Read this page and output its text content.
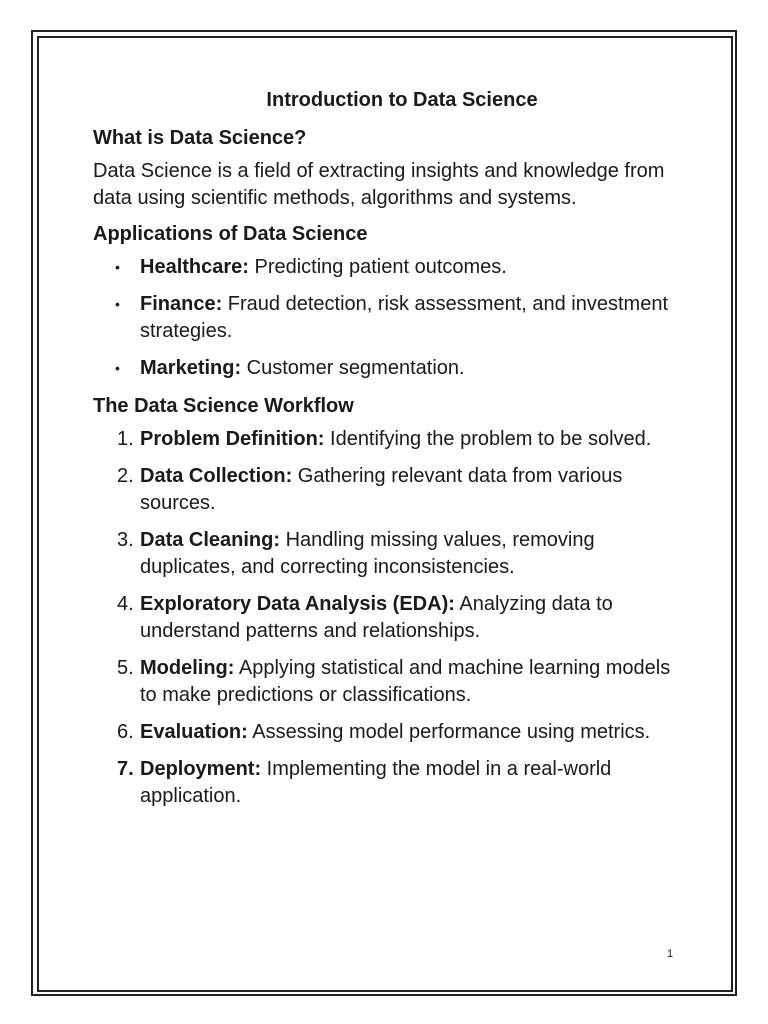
Introduction to Data Science
What is Data Science?
Data Science is a field of extracting insights and knowledge from data using scientific methods, algorithms and systems.
Applications of Data Science
• Healthcare: Predicting patient outcomes.
• Finance: Fraud detection, risk assessment, and investment strategies.
• Marketing: Customer segmentation.
The Data Science Workflow
1. Problem Definition: Identifying the problem to be solved.
2. Data Collection: Gathering relevant data from various sources.
3. Data Cleaning: Handling missing values, removing duplicates, and correcting inconsistencies.
4. Exploratory Data Analysis (EDA): Analyzing data to understand patterns and relationships.
5. Modeling: Applying statistical and machine learning models to make predictions or classifications.
6. Evaluation: Assessing model performance using metrics.
7. Deployment: Implementing the model in a real-world application.
1
